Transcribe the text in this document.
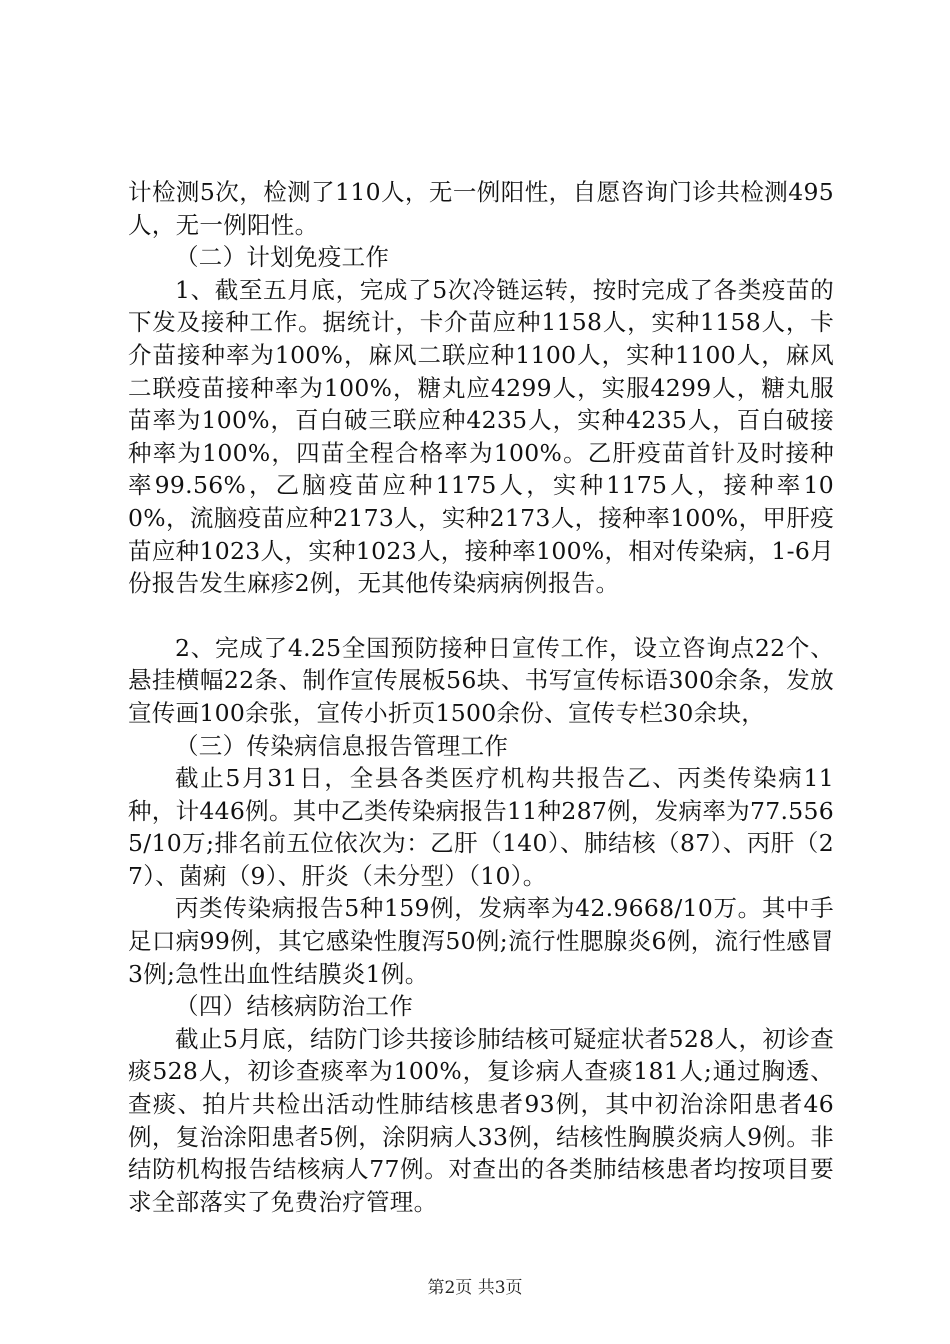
计检测5次，检测了110人，无一例阳性，自愿咨询门诊共检测495人，无一例阳性。

（二）计划免疫工作

1、截至五月底，完成了5次冷链运转，按时完成了各类疫苗的下发及接种工作。据统计，卡介苗应种1158人，实种1158人，卡介苗接种率为100%，麻风二联应种1100人，实种1100人，麻风二联疫苗接种率为100%，糖丸应4299人，实服4299人，糖丸服苗率为100%，百白破三联应种4235人，实种4235人，百白破接种率为100%，四苗全程合格率为100%。乙肝疫苗首针及时接种率99.56%，乙脑疫苗应种1175人，实种1175人，接种率100%，流脑疫苗应种2173人，实种2173人，接种率100%，甲肝疫苗应种1023人，实种1023人，接种率100%，相对传染病，1-6月份报告发生麻疹2例，无其他传染病病例报告。

2、完成了4.25全国预防接种日宣传工作，设立咨询点22个、悬挂横幅22条、制作宣传展板56块、书写宣传标语300余条，发放宣传画100余张，宣传小折页1500余份、宣传专栏30余块，

（三）传染病信息报告管理工作

截止5月31日，全县各类医疗机构共报告乙、丙类传染病11种，计446例。其中乙类传染病报告11种287例，发病率为77.5565/10万;排名前五位依次为：乙肝（140）、肺结核（87）、丙肝（27）、菌痢（9）、肝炎（未分型）（10）。

丙类传染病报告5种159例，发病率为42.9668/10万。其中手足口病99例，其它感染性腹泻50例;流行性腮腺炎6例，流行性感冒3例;急性出血性结膜炎1例。

（四）结核病防治工作

截止5月底，结防门诊共接诊肺结核可疑症状者528人，初诊查痰528人，初诊查痰率为100%，复诊病人查痰181人;通过胸透、查痰、拍片共检出活动性肺结核患者93例，其中初治涂阳患者46例，复治涂阳患者5例，涂阴病人33例，结核性胸膜炎病人9例。非结防机构报告结核病人77例。对查出的各类肺结核患者均按项目要求全部落实了免费治疗管理。

第2页 共3页
